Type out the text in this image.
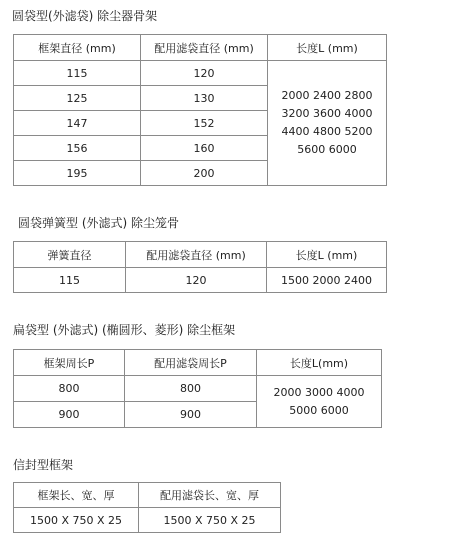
圆袋型(外滤袋) 除尘器骨架
框架直径 (mm)	配用滤袋直径 (mm)	长度L (mm)
115	120	2000 2400 2800
3200 3600 4000
4400 4800 5200
5600 6000

125	130	
147	152	
156	160	
195	200	
圆袋弹簧型 (外滤式) 除尘笼骨
弹簧直径	配用滤袋直径 (mm)	长度L (mm)
115	120	1500 2000 2400
扁袋型 (外滤式) (椭圆形、菱形) 除尘框架
框架周长P	配用滤袋周长P	长度L(mm)
800	800	2000 3000 4000
5000 6000

900	900	
信封型框架
框架长、宽、厚	配用滤袋长、宽、厚
1500 X 750 X 25	1500 X 750 X 25
